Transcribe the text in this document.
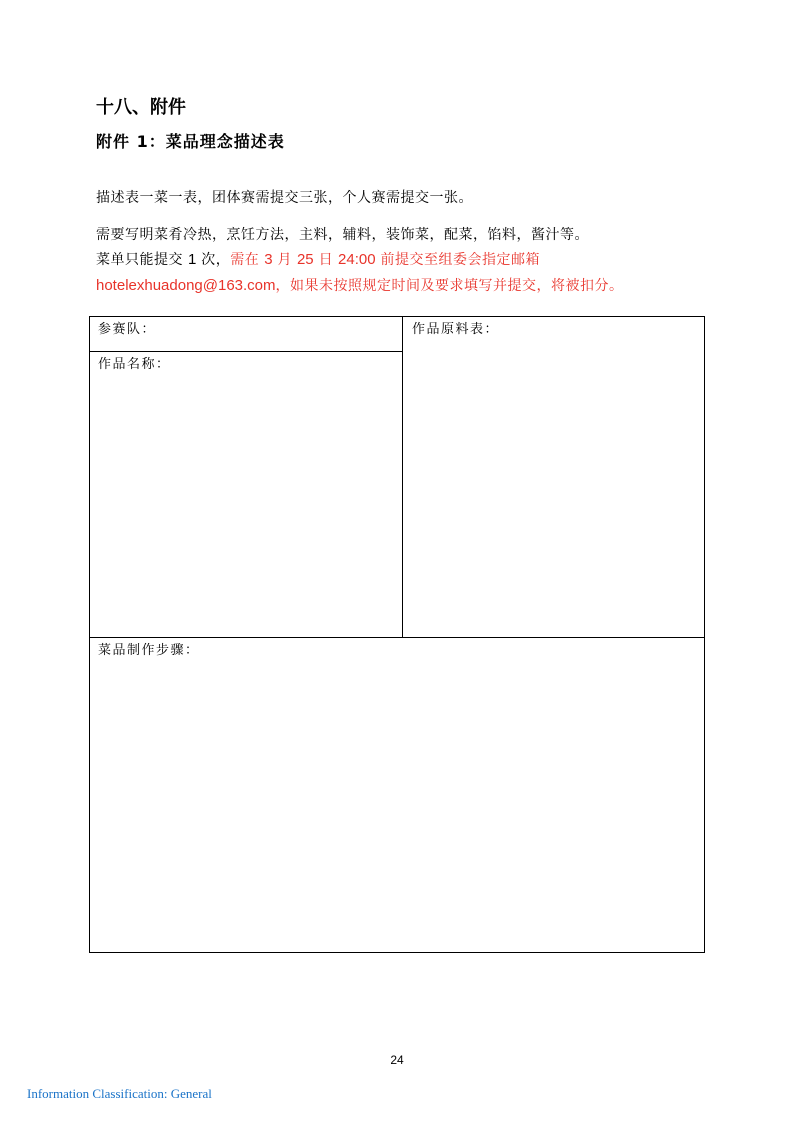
十八、附件
附件 1：菜品理念描述表

描述表一菜一表，团体赛需提交三张，个人赛需提交一张。

需要写明菜肴冷热，烹饪方法，主料，辅料，装饰菜，配菜，馅料，酱汁等。

菜单只能提交 1 次，需在 3 月 25 日 24:00 前提交至组委会指定邮箱

hotelexhuadong@163.com，如果未按照规定时间及要求填写并提交，将被扣分。

参赛队：
作品名称：
作品原料表：
菜品制作步骤：
24
Information Classification: General
